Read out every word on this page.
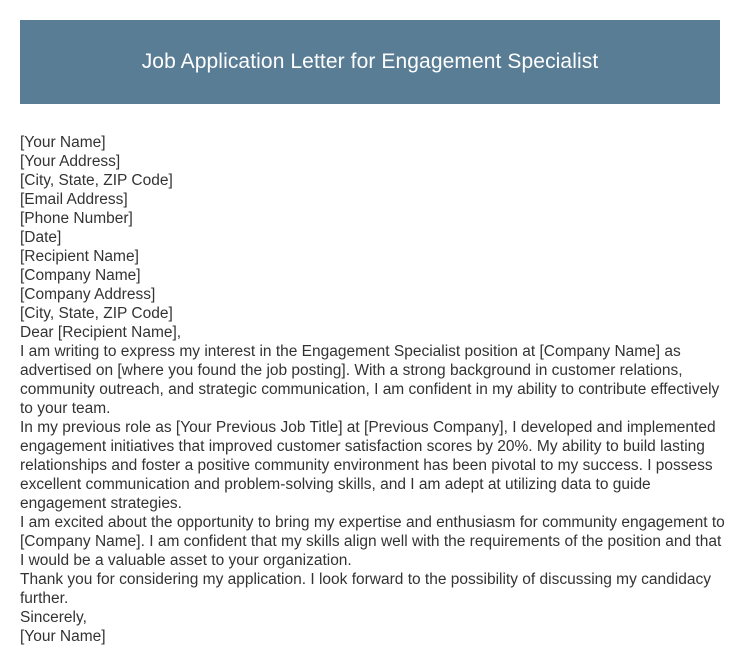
Job Application Letter for Engagement Specialist

[Your Name]

[Your Address]

[City, State, ZIP Code]

[Email Address]

[Phone Number]

[Date]

[Recipient Name]

[Company Name]

[Company Address]

[City, State, ZIP Code]

Dear [Recipient Name],

I am writing to express my interest in the Engagement Specialist position at [Company Name] as advertised on [where you found the job posting]. With a strong background in customer relations, community outreach, and strategic communication, I am confident in my ability to contribute effectively to your team.

In my previous role as [Your Previous Job Title] at [Previous Company], I developed and implemented engagement initiatives that improved customer satisfaction scores by 20%. My ability to build lasting relationships and foster a positive community environment has been pivotal to my success. I possess excellent communication and problem-solving skills, and I am adept at utilizing data to guide engagement strategies.

I am excited about the opportunity to bring my expertise and enthusiasm for community engagement to [Company Name]. I am confident that my skills align well with the requirements of the position and that I would be a valuable asset to your organization.

Thank you for considering my application. I look forward to the possibility of discussing my candidacy further.

Sincerely,

[Your Name]
